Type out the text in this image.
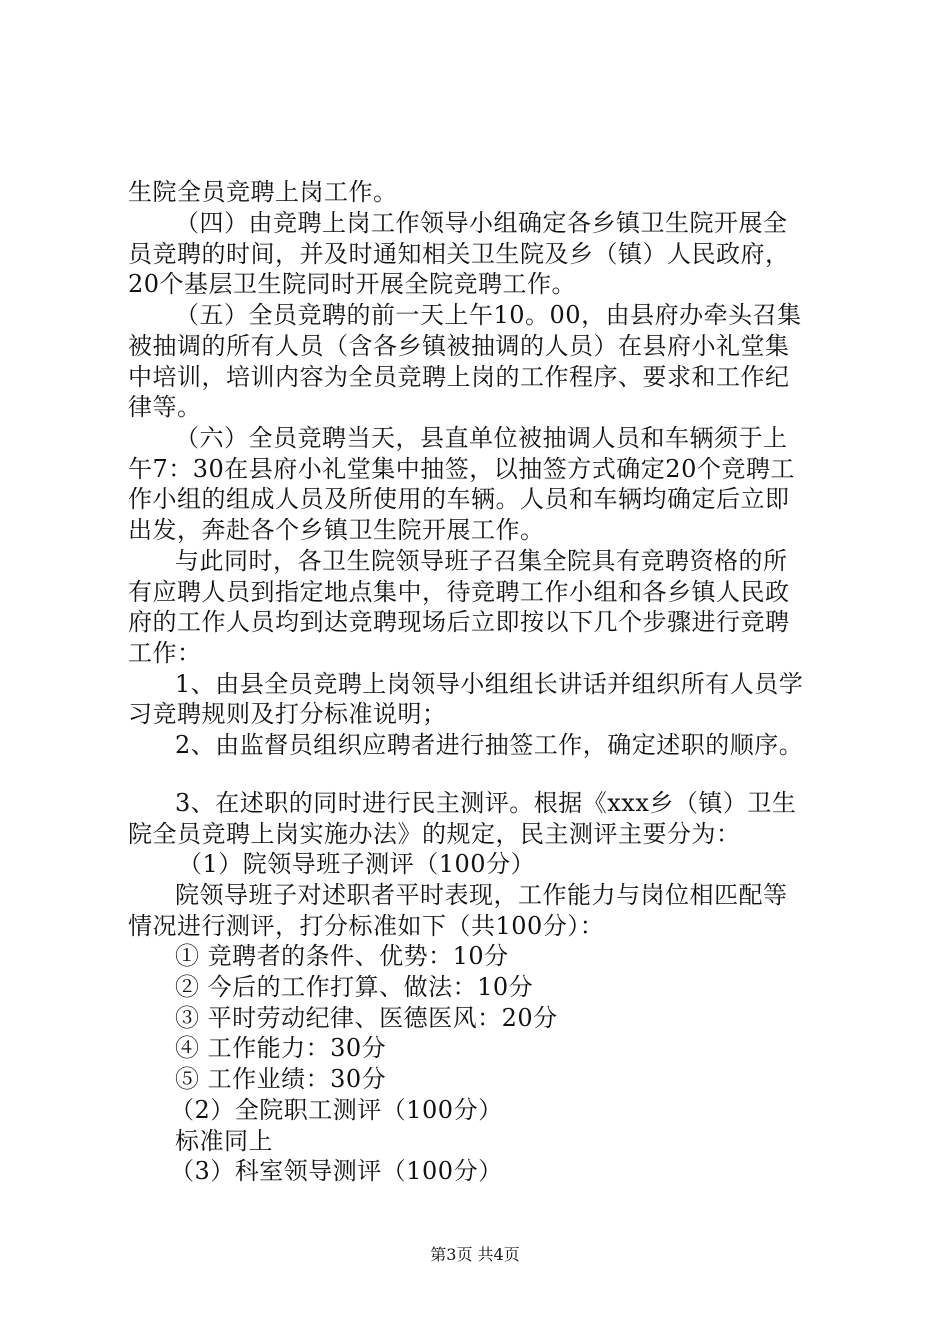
生院全员竞聘上岗工作。
（四）由竞聘上岗工作领导小组确定各乡镇卫生院开展全
员竞聘的时间，并及时通知相关卫生院及乡（镇）人民政府，
20个基层卫生院同时开展全院竞聘工作。
（五）全员竞聘的前一天上午10。00，由县府办牵头召集
被抽调的所有人员（含各乡镇被抽调的人员）在县府小礼堂集
中培训，培训内容为全员竞聘上岗的工作程序、要求和工作纪
律等。
（六）全员竞聘当天，县直单位被抽调人员和车辆须于上
午7：30在县府小礼堂集中抽签，以抽签方式确定20个竞聘工
作小组的组成人员及所使用的车辆。人员和车辆均确定后立即
出发，奔赴各个乡镇卫生院开展工作。
与此同时，各卫生院领导班子召集全院具有竞聘资格的所
有应聘人员到指定地点集中，待竞聘工作小组和各乡镇人民政
府的工作人员均到达竞聘现场后立即按以下几个步骤进行竞聘
工作：
1、由县全员竞聘上岗领导小组组长讲话并组织所有人员学
习竞聘规则及打分标准说明；
2、由监督员组织应聘者进行抽签工作，确定述职的顺序。
3、在述职的同时进行民主测评。根据《xxx乡（镇）卫生
院全员竞聘上岗实施办法》的规定，民主测评主要分为：
（1）院领导班子测评（100分）
院领导班子对述职者平时表现，工作能力与岗位相匹配等
情况进行测评，打分标准如下（共100分）：
① 竞聘者的条件、优势：10分
② 今后的工作打算、做法：10分
③ 平时劳动纪律、医德医风：20分
④ 工作能力：30分
⑤ 工作业绩：30分
（2）全院职工测评（100分）
标准同上
（3）科室领导测评（100分）
第3页 共4页
